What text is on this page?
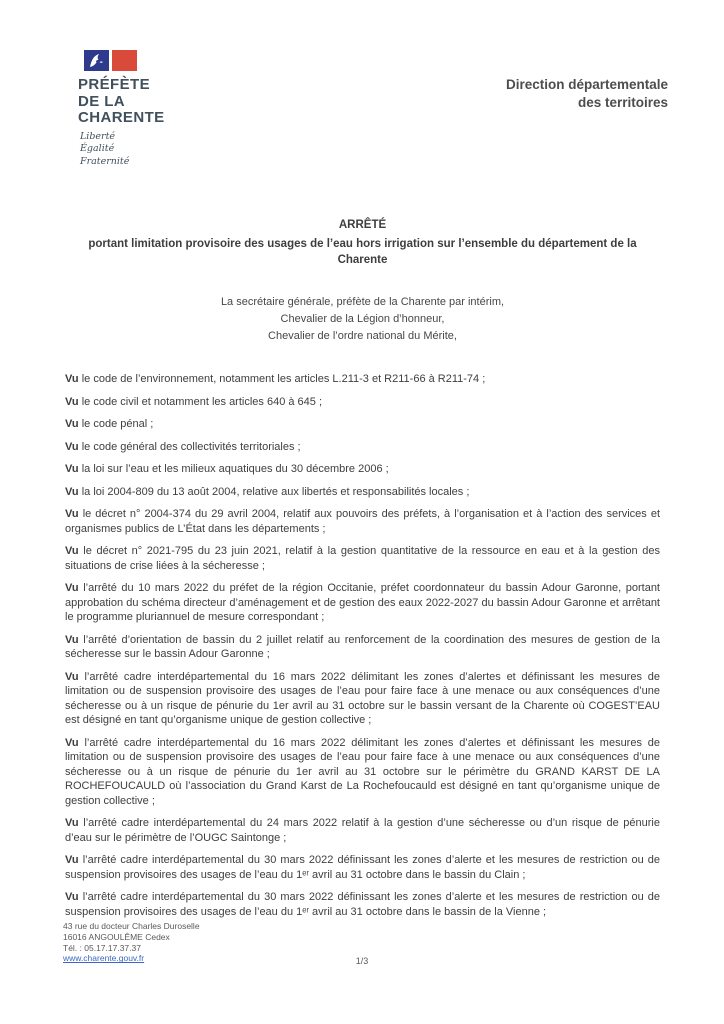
PRÉFÈTE
DE LA
CHARENTE
Liberté
Égalité
Fraternité
Direction départementale
des territoires
ARRÊTÉ
portant limitation provisoire des usages de l’eau hors irrigation sur l’ensemble du département de la Charente
La secrétaire générale, préfète de la Charente par intérim,
Chevalier de la Légion d’honneur,
Chevalier de l’ordre national du Mérite,

Vu le code de l’environnement, notamment les articles L.211-3 et R211-66 à R211-74 ;

Vu le code civil et notamment les articles 640 à 645 ;

Vu le code pénal ;

Vu le code général des collectivités territoriales ;

Vu la loi sur l’eau et les milieux aquatiques du 30 décembre 2006 ;

Vu la loi 2004-809 du 13 août 2004, relative aux libertés et responsabilités locales ;

Vu le décret n° 2004-374 du 29 avril 2004, relatif aux pouvoirs des préfets, à l’organisation et à l’action des services et organismes publics de L’État dans les départements ;

Vu le décret n° 2021-795 du 23 juin 2021, relatif à la gestion quantitative de la ressource en eau et à la gestion des situations de crise liées à la sécheresse ;

Vu l’arrêté du 10 mars 2022 du préfet de la région Occitanie, préfet coordonnateur du bassin Adour Garonne, portant approbation du schéma directeur d’aménagement et de gestion des eaux 2022-2027 du bassin Adour Garonne et arrêtant le programme pluriannuel de mesure correspondant ;

Vu l’arrêté d’orientation de bassin du 2 juillet relatif au renforcement de la coordination des mesures de gestion de la sécheresse sur le bassin Adour Garonne ;

Vu l’arrêté cadre interdépartemental du 16 mars 2022 délimitant les zones d’alertes et définissant les mesures de limitation ou de suspension provisoire des usages de l’eau pour faire face à une menace ou aux conséquences d’une sécheresse ou à un risque de pénurie du 1er avril au 31 octobre sur le bassin versant de la Charente où COGEST’EAU est désigné en tant qu’organisme unique de gestion collective ;

Vu l’arrêté cadre interdépartemental du 16 mars 2022 délimitant les zones d’alertes et définissant les mesures de limitation ou de suspension provisoire des usages de l’eau pour faire face à une menace ou aux conséquences d’une sécheresse ou à un risque de pénurie du 1er avril au 31 octobre sur le périmètre du GRAND KARST DE LA ROCHEFOUCAULD où l’association du Grand Karst de La Rochefoucauld est désigné en tant qu’organisme unique de gestion collective ;

Vu l’arrêté cadre interdépartemental du 24 mars 2022 relatif à la gestion d’une sécheresse ou d’un risque de pénurie d’eau sur le périmètre de l’OUGC Saintonge ;

Vu l’arrêté cadre interdépartemental du 30 mars 2022 définissant les zones d’alerte et les mesures de restriction ou de suspension provisoires des usages de l’eau du 1ᵉʳ avril au 31 octobre dans le bassin du Clain ;

Vu l’arrêté cadre interdépartemental du 30 mars 2022 définissant les zones d’alerte et les mesures de restriction ou de suspension provisoires des usages de l’eau du 1ᵉʳ avril au 31 octobre dans le bassin de la Vienne ;

43 rue du docteur Charles Duroselle
16016 ANGOULÊME Cedex
Tél. : 05.17.17.37.37
www.charente.gouv.fr	1/3
